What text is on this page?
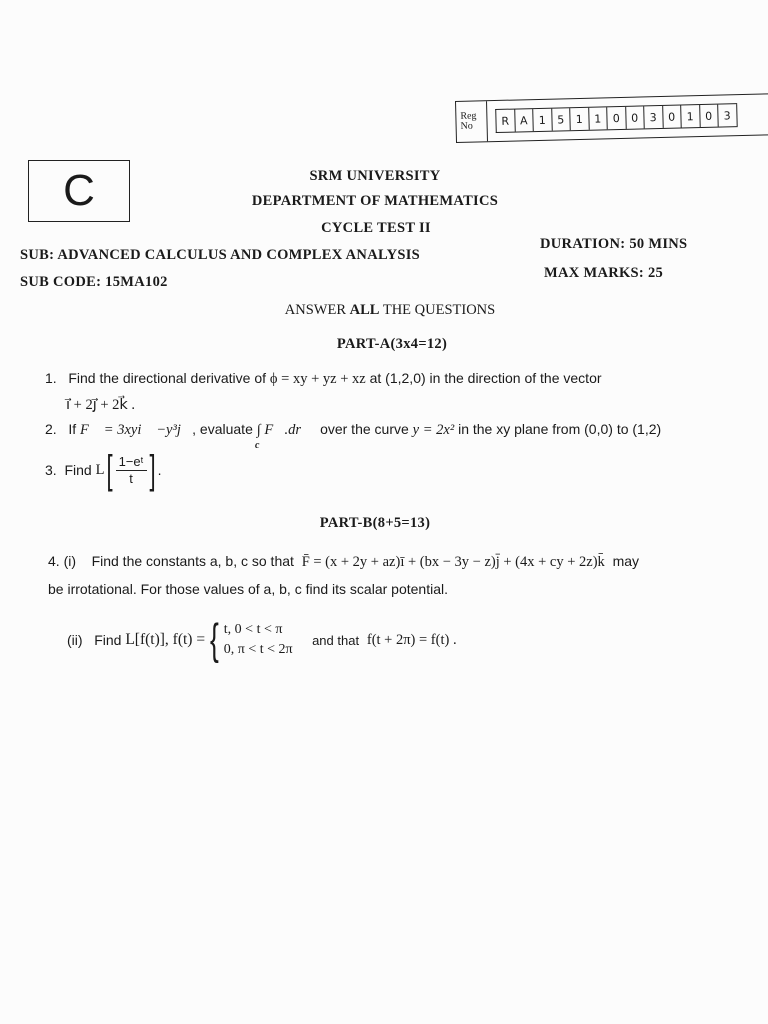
Reg
No	R A 1	5	1	1	0	0	3	0	1	0	3
C	SRM UNIVERSITY
DEPARTMENT OF MATHEMATICS
CYCLE TEST II
SUB: ADVANCED CALCULUS AND COMPLEX ANALYSIS
DURATION: 50 MINS
SUB CODE: 15MA102
MAX MARKS: 25
ANSWER ALL THE QUESTIONS
PART-A(3x4=12)
1. Find the directional derivative of ϕ = xy + yz + xz at (1,2,0) in the direction of the vector
i⃗ + 2j⃗ + 2k⃗ .
2. If F⃗ = 3xyi⃗ −y³j⃗, evaluate ∫ F⃗.dr⃗ over the curve y = 2x² in the xy plane from (0,0) to (1,2)
c
3.
Find
L [ $\frac{\text{1−eᵗ}}{t}$ ] .
PART-B(8+5=13)
4. (i) Find the constants a, b, c so that F̄ = (x + 2y + az)ī + (bx − 3y − z)j̄ + (4x + cy + 2z)k̄ may
be irrotational. For those values of a, b, c find its scalar potential.
(ii)
Find
L[f(t)], f(t) = { t, 0 < t < π
0, π < t < 2π

and that
f(t + 2π) = f(t) .
